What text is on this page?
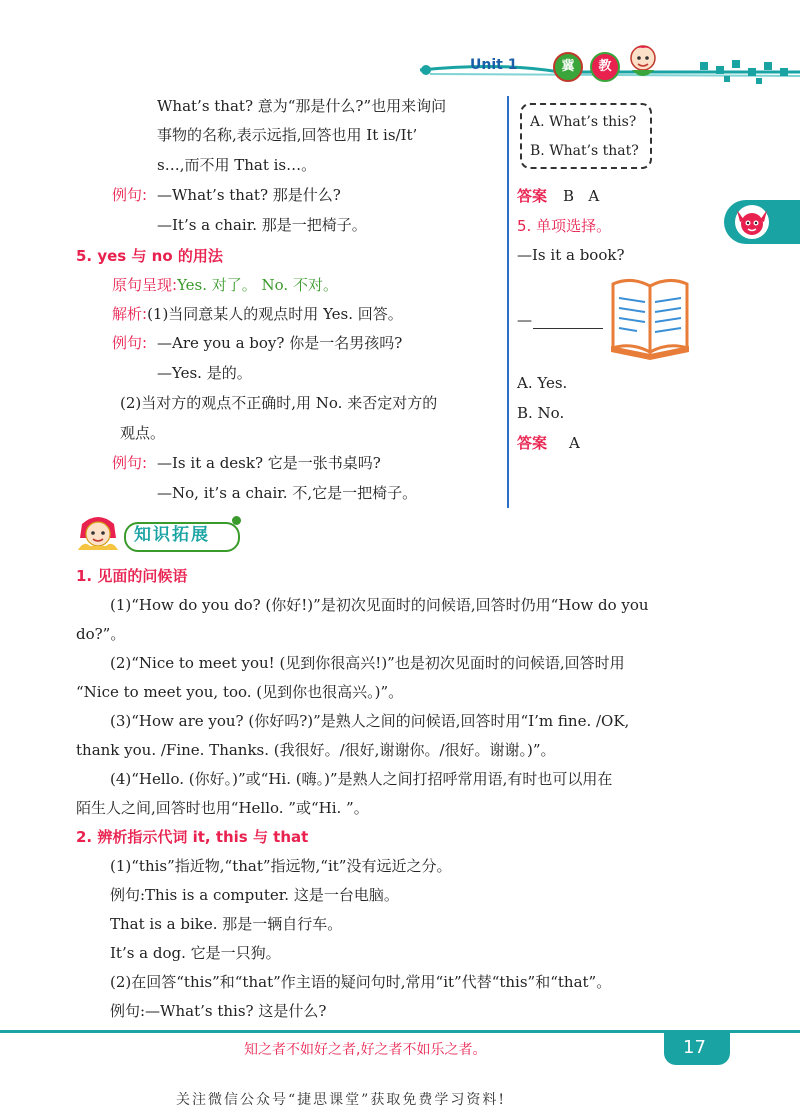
Unit 1	冀	教
What’s that? 意为“那是什么?”也用来询问
事物的名称,表示远指,回答也用 It is/It’
s…,而不用 That is…。
例句: —What’s that? 那是什么?
—It’s a chair. 那是一把椅子。
5. yes 与 no 的用法
原句呈现:Yes. 对了。 No. 不对。
解析:(1)当同意某人的观点时用 Yes. 回答。
例句: —Are you a boy? 你是一名男孩吗?
—Yes. 是的。
(2)当对方的观点不正确时,用 No. 来否定对方的
观点。
例句: —Is it a desk? 它是一张书桌吗?
—No, it’s a chair. 不,它是一把椅子。
A. What’s this?
B. What’s that?
答案 B   A
5. 单项选择。
—Is it a book?
—
A. Yes.
B. No.
答案 A
知识拓展
1. 见面的问候语
(1)“How do you do? (你好!)”是初次见面时的问候语,回答时仍用“How do you
do?”。
(2)“Nice to meet you! (见到你很高兴!)”也是初次见面时的问候语,回答时用
“Nice to meet you, too. (见到你也很高兴。)”。
(3)“How are you? (你好吗?)”是熟人之间的问候语,回答时用“I’m fine. /OK,
thank you. /Fine. Thanks. (我很好。/很好,谢谢你。/很好。谢谢。)”。
(4)“Hello. (你好。)”或“Hi. (嗨。)”是熟人之间打招呼常用语,有时也可以用在
陌生人之间,回答时也用“Hello. ”或“Hi. ”。
2. 辨析指示代词 it, this 与 that
(1)“this”指近物,“that”指远物,“it”没有远近之分。
例句:This is a computer. 这是一台电脑。
That is a bike. 那是一辆自行车。
It’s a dog. 它是一只狗。
(2)在回答“this”和“that”作主语的疑问句时,常用“it”代替“this”和“that”。
例句:—What’s this? 这是什么?
知之者不如好之者,好之者不如乐之者。	17
关注微信公众号“捷思课堂”获取免费学习资料!
